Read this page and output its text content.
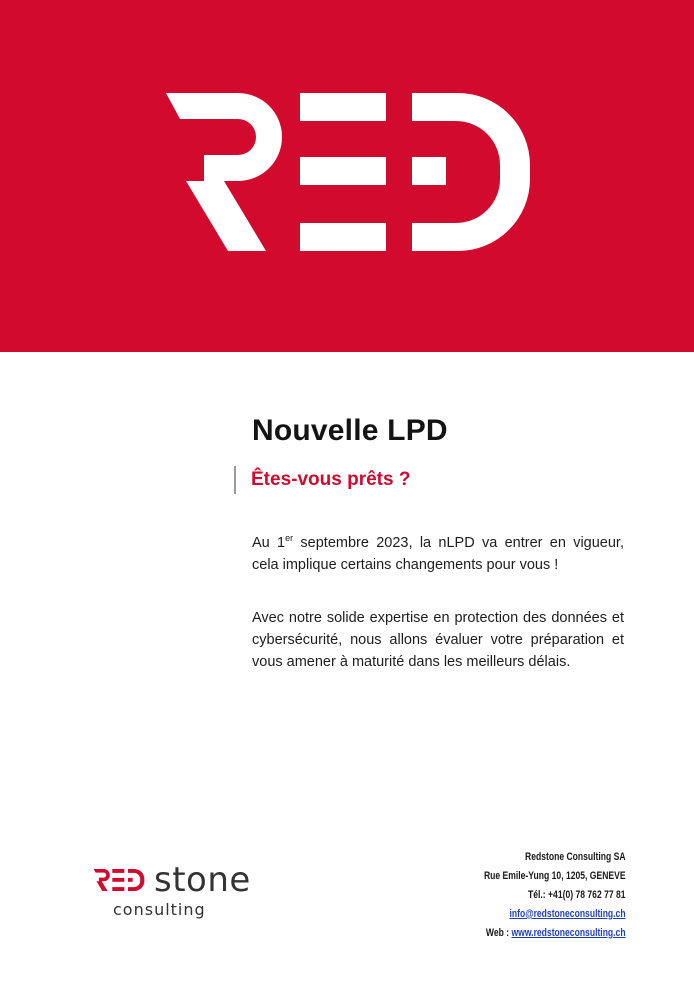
Nouvelle LPD
Êtes-vous prêts ?

Au 1er septembre 2023, la nLPD va entrer en vigueur, cela implique certains changements pour vous !

Avec notre solide expertise en protection des données et cybersécurité, nous allons évaluer votre préparation et vous amener à maturité dans les meilleurs délais.

stone
consulting
Redstone Consulting SA
Rue Emile-Yung 10, 1205, GENEVE
Tél.: +41(0) 78 762 77 81
info@redstoneconsulting.ch
Web : www.redstoneconsulting.ch
